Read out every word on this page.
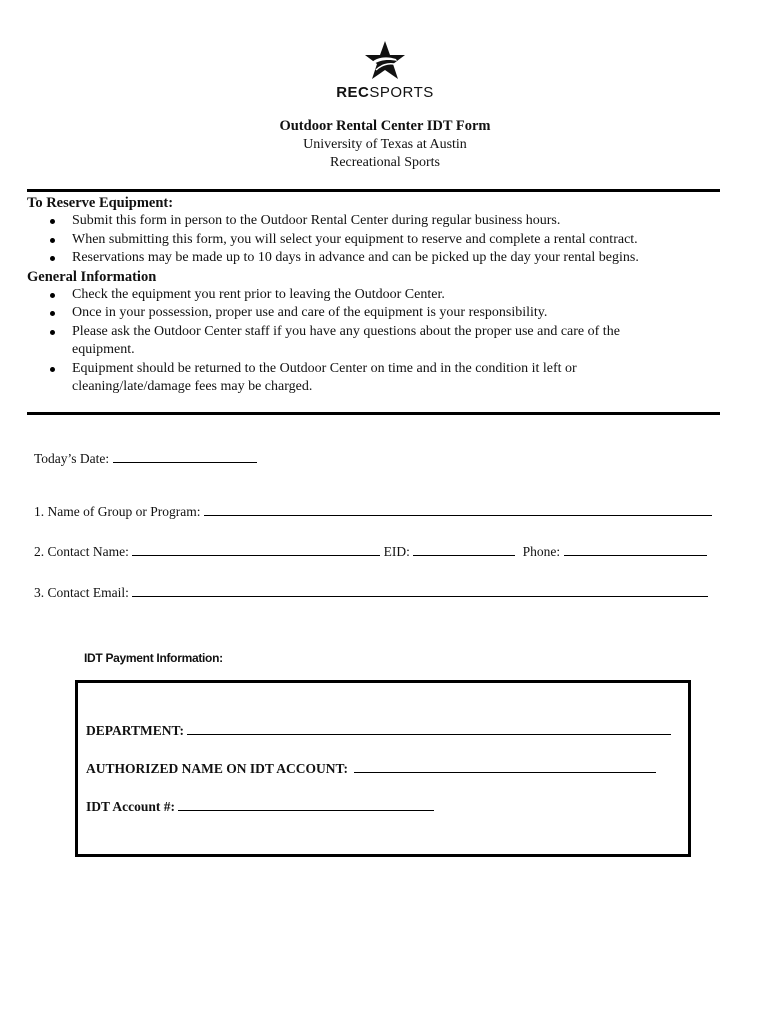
RECSPORTS
Outdoor Rental Center IDT Form
University of Texas at Austin
Recreational Sports
To Reserve Equipment:
Submit this form in person to the Outdoor Rental Center during regular business hours.
When submitting this form, you will select your equipment to reserve and complete a rental contract.
Reservations may be made up to 10 days in advance and can be picked up the day your rental begins.
General Information
Check the equipment you rent prior to leaving the Outdoor Center.
Once in your possession, proper use and care of the equipment is your responsibility.
Please ask the Outdoor Center staff if you have any questions about the proper use and care of the equipment.
Equipment should be returned to the Outdoor Center on time and in the condition it left or cleaning/late/damage fees may be charged.
Today’s Date:
1. Name of Group or Program:
2. Contact Name:	EID:	Phone:
3. Contact Email:
IDT Payment Information:
DEPARTMENT:
AUTHORIZED NAME ON IDT ACCOUNT:
IDT Account #:
